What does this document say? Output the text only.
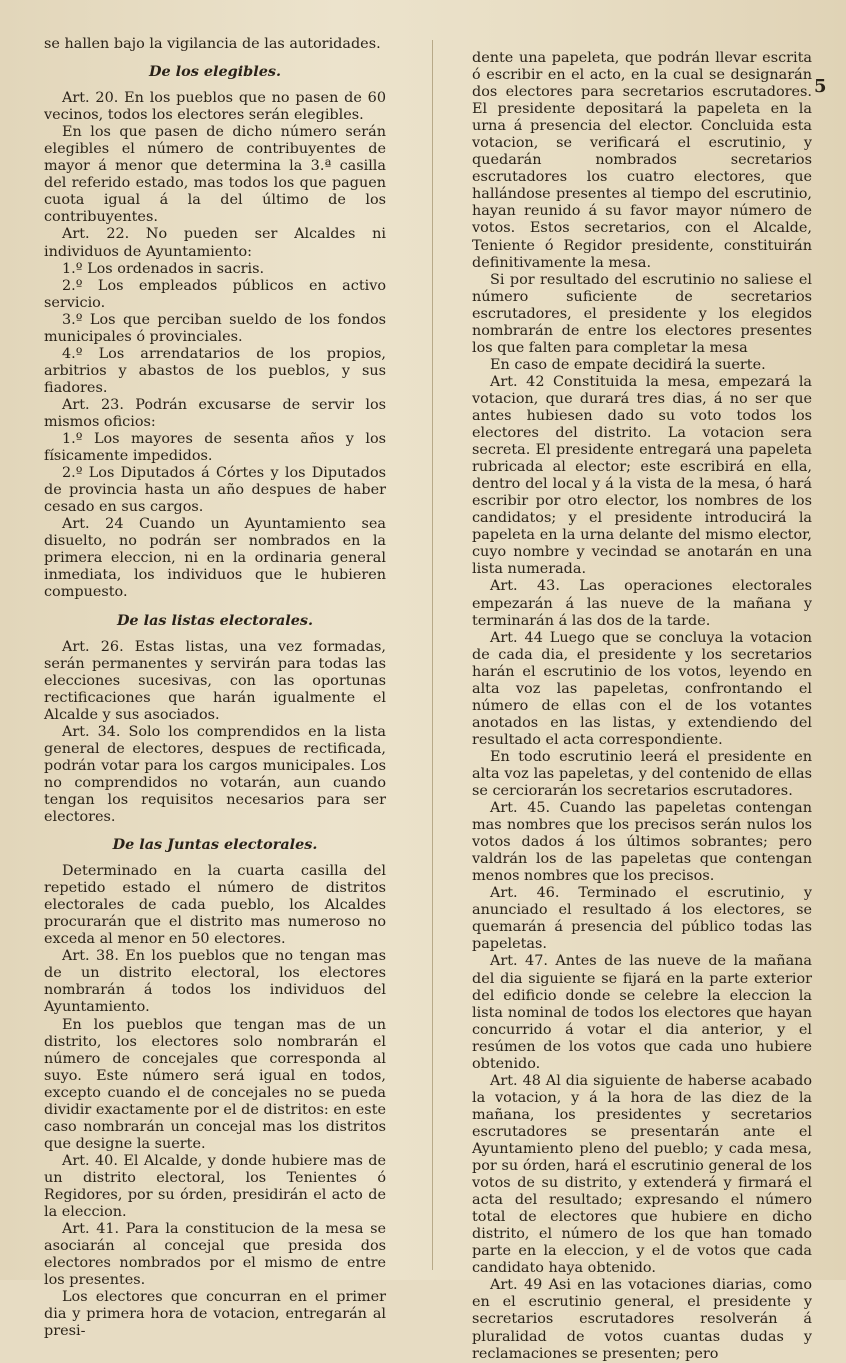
5

se hallen bajo la vigilancia de las autoridades.

De los elegibles.

Art. 20. En los pueblos que no pasen de 60 vecinos, todos los electores serán elegibles.

En los que pasen de dicho número serán elegibles el número de contribuyentes de mayor á menor que determina la 3.ª casilla del referido estado, mas todos los que paguen cuota igual á la del último de los contribuyentes.

Art. 22. No pueden ser Alcaldes ni individuos de Ayuntamiento:

1.º Los ordenados in sacris.

2.º Los empleados públicos en activo servicio.

3.º Los que perciban sueldo de los fondos municipales ó provinciales.

4.º Los arrendatarios de los propios, arbitrios y abastos de los pueblos, y sus fiadores.

Art. 23. Podrán excusarse de servir los mismos oficios:

1.º Los mayores de sesenta años y los físicamente impedidos.

2.º Los Diputados á Córtes y los Diputados de provincia hasta un año despues de haber cesado en sus cargos.

Art. 24 Cuando un Ayuntamiento sea disuelto, no podrán ser nombrados en la primera eleccion, ni en la ordinaria general inmediata, los individuos que le hubieren compuesto.

De las listas electorales.

Art. 26. Estas listas, una vez formadas, serán permanentes y servirán para todas las elecciones sucesivas, con las oportunas rectificaciones que harán igualmente el Alcalde y sus asociados.

Art. 34. Solo los comprendidos en la lista general de electores, despues de rectificada, podrán votar para los cargos municipales. Los no comprendidos no votarán, aun cuando tengan los requisitos necesarios para ser electores.

De las Juntas electorales.

Determinado en la cuarta casilla del repetido estado el número de distritos electorales de cada pueblo, los Alcaldes procurarán que el distrito mas numeroso no exceda al menor en 50 electores.

Art. 38. En los pueblos que no tengan mas de un distrito electoral, los electores nombrarán á todos los individuos del Ayuntamiento.

En los pueblos que tengan mas de un distrito, los electores solo nombrarán el número de concejales que corresponda al suyo. Este número será igual en todos, excepto cuando el de concejales no se pueda dividir exactamente por el de distritos: en este caso nombrarán un concejal mas los distritos que designe la suerte.

Art. 40. El Alcalde, y donde hubiere mas de un distrito electoral, los Tenientes ó Regidores, por su órden, presidirán el acto de la eleccion.

Art. 41. Para la constitucion de la mesa se asociarán al concejal que presida dos electores nombrados por el mismo de entre los presentes.

Los electores que concurran en el primer dia y primera hora de votacion, entregarán al presi-

dente una papeleta, que podrán llevar escrita ó escribir en el acto, en la cual se designarán dos electores para secretarios escrutadores. El presidente depositará la papeleta en la urna á presencia del elector. Concluida esta votacion, se verificará el escrutinio, y quedarán nombrados secretarios escrutadores los cuatro electores, que hallándose presentes al tiempo del escrutinio, hayan reunido á su favor mayor número de votos. Estos secretarios, con el Alcalde, Teniente ó Regidor presidente, constituirán definitivamente la mesa.

Si por resultado del escrutinio no saliese el número suficiente de secretarios escrutadores, el presidente y los elegidos nombrarán de entre los electores presentes los que falten para completar la mesa

En caso de empate decidirá la suerte.

Art. 42 Constituida la mesa, empezará la votacion, que durará tres dias, á no ser que antes hubiesen dado su voto todos los electores del distrito. La votacion sera secreta. El presidente entregará una papeleta rubricada al elector; este escribirá en ella, dentro del local y á la vista de la mesa, ó hará escribir por otro elector, los nombres de los candidatos; y el presidente introducirá la papeleta en la urna delante del mismo elector, cuyo nombre y vecindad se anotarán en una lista numerada.

Art. 43. Las operaciones electorales empezarán á las nueve de la mañana y terminarán á las dos de la tarde.

Art. 44 Luego que se concluya la votacion de cada dia, el presidente y los secretarios harán el escrutinio de los votos, leyendo en alta voz las papeletas, confrontando el número de ellas con el de los votantes anotados en las listas, y extendiendo del resultado el acta correspondiente.

En todo escrutinio leerá el presidente en alta voz las papeletas, y del contenido de ellas se cerciorarán los secretarios escrutadores.

Art. 45. Cuando las papeletas contengan mas nombres que los precisos serán nulos los votos dados á los últimos sobrantes; pero valdrán los de las papeletas que contengan menos nombres que los precisos.

Art. 46. Terminado el escrutinio, y anunciado el resultado á los electores, se quemarán á presencia del público todas las papeletas.

Art. 47. Antes de las nueve de la mañana del dia siguiente se fijará en la parte exterior del edificio donde se celebre la eleccion la lista nominal de todos los electores que hayan concurrido á votar el dia anterior, y el resúmen de los votos que cada uno hubiere obtenido.

Art. 48 Al dia siguiente de haberse acabado la votacion, y á la hora de las diez de la mañana, los presidentes y secretarios escrutadores se presentarán ante el Ayuntamiento pleno del pueblo; y cada mesa, por su órden, hará el escrutinio general de los votos de su distrito, y extenderá y firmará el acta del resultado; expresando el número total de electores que hubiere en dicho distrito, el número de los que han tomado parte en la eleccion, y el de votos que cada candidato haya obtenido.

Art. 49 Asi en las votaciones diarias, como en el escrutinio general, el presidente y secretarios escrutadores resolverán á pluralidad de votos cuantas dudas y reclamaciones se presenten; pero
